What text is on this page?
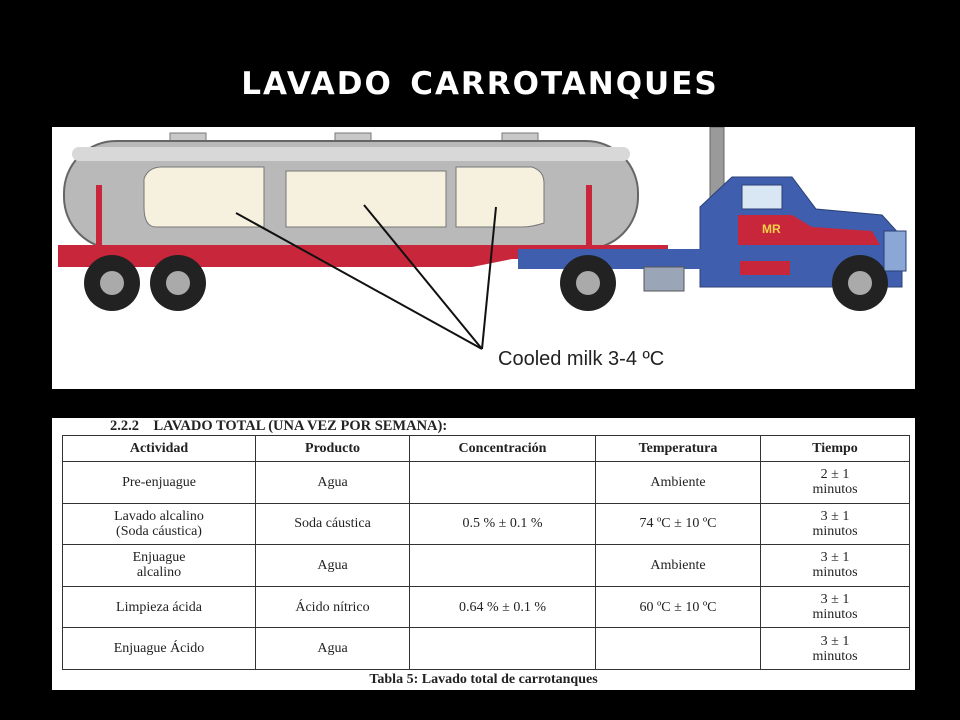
lavado carrotanques
MR
Cooled milk 3-4 ºC
2.2.2    LAVADO TOTAL (UNA VEZ POR SEMANA):
Actividad	Producto	Concentración	Temperatura	Tiempo
Pre-enjuague	Agua		Ambiente	2 ± 1
minutos
Lavado alcalino
(Soda cáustica)	Soda cáustica	0.5 % ± 0.1 %	74 ºC ± 10 ºC	3 ± 1
minutos
Enjuague
alcalino	Agua		Ambiente	3 ± 1
minutos
Limpieza ácida	Ácido nítrico	0.64 % ± 0.1 %	60 ºC ± 10 ºC	3 ± 1
minutos
Enjuague Ácido	Agua			3 ± 1
minutos
Tabla 5: Lavado total de carrotanques
